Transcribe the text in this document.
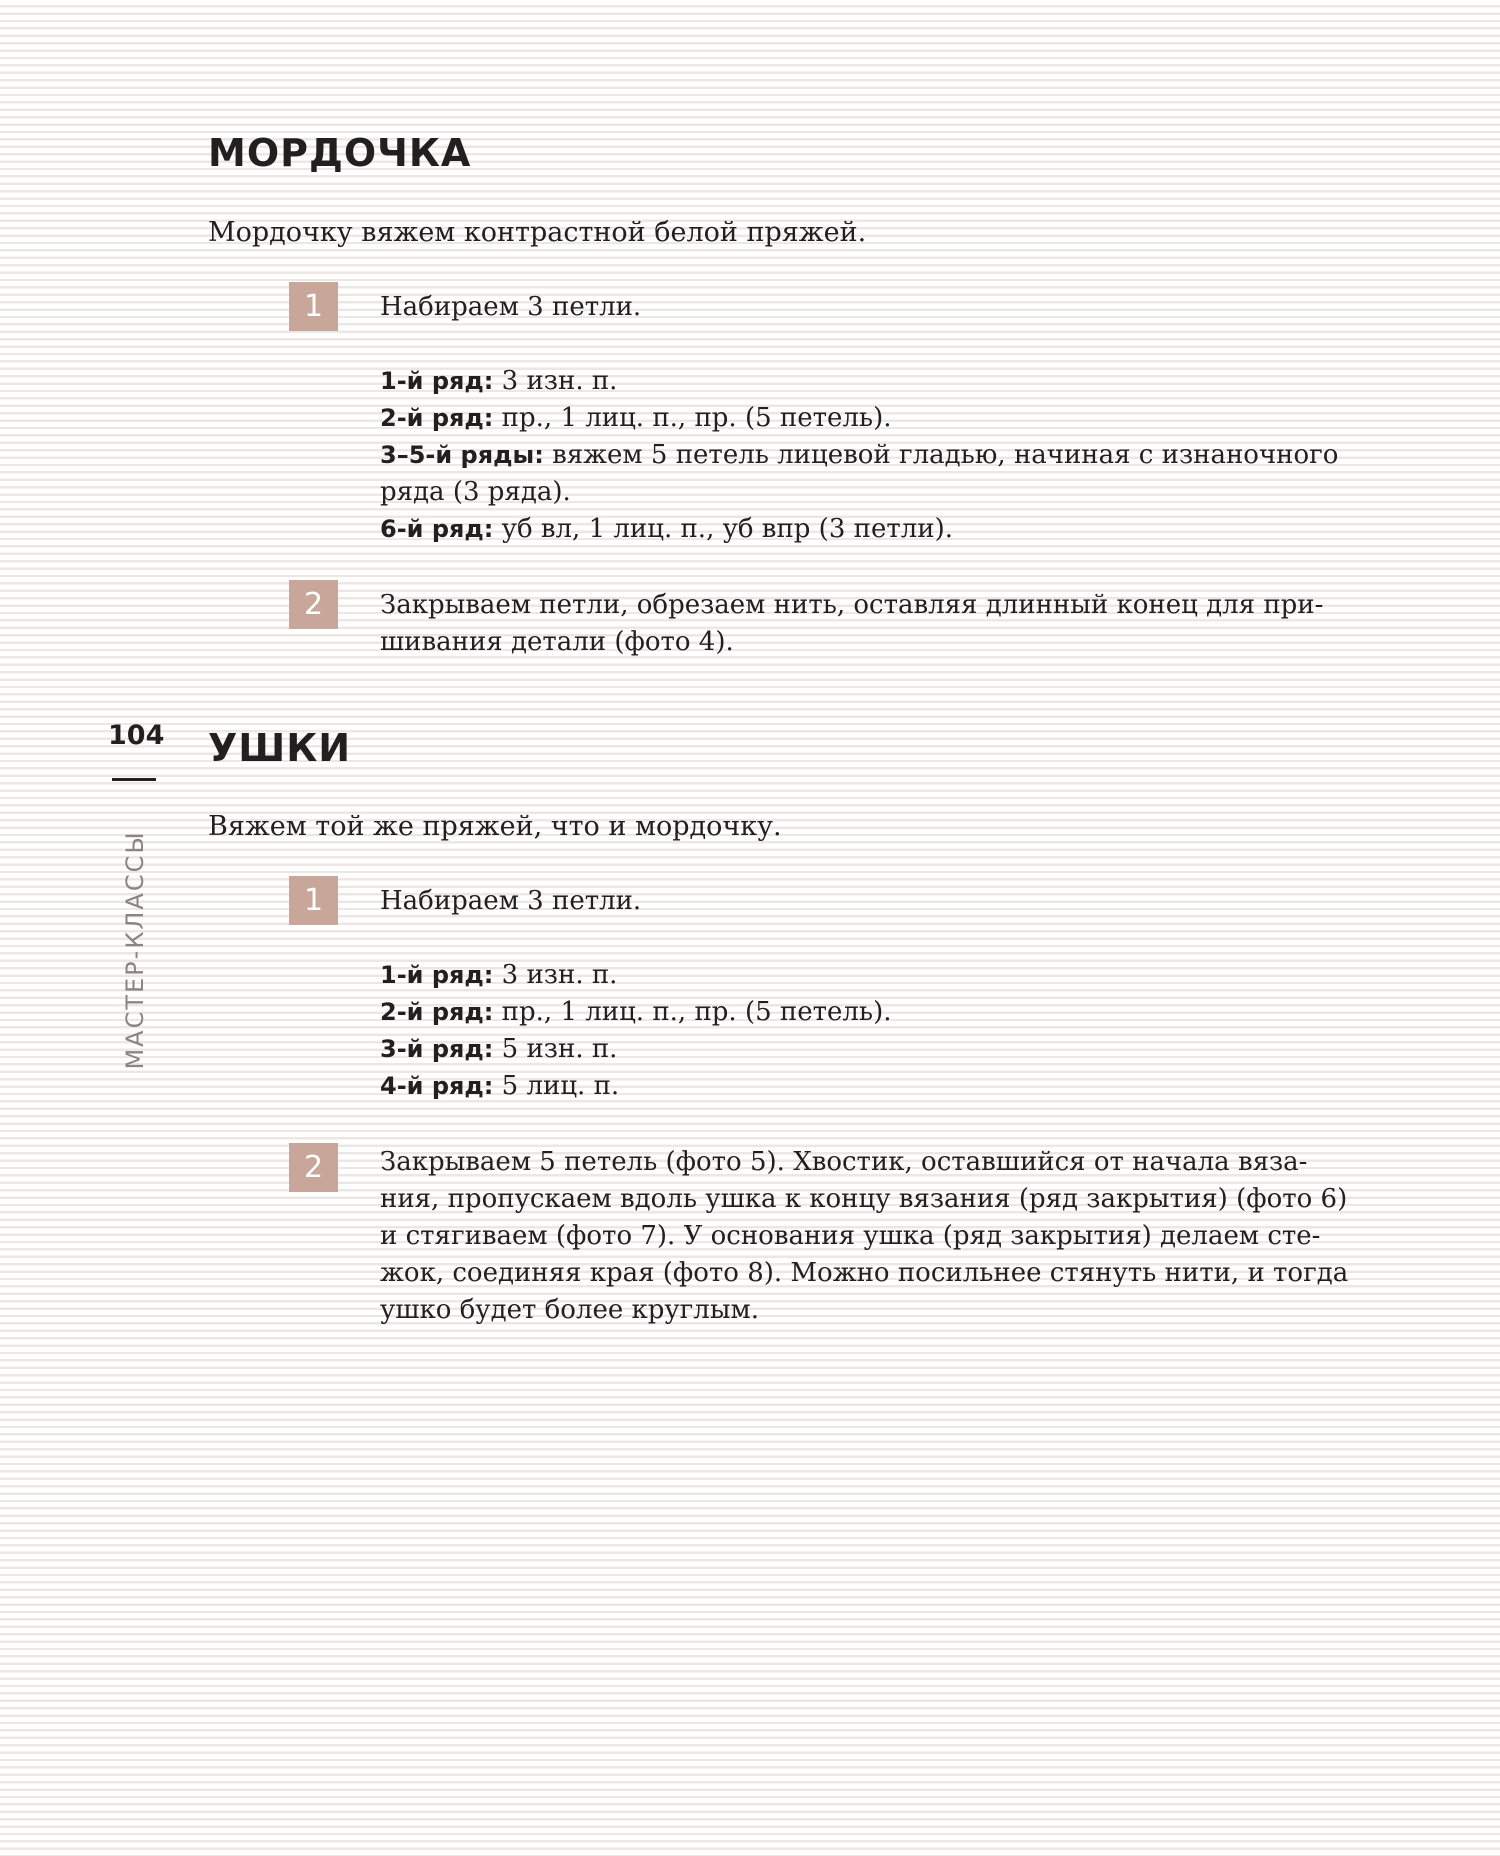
104
МАСТЕР-КЛАССЫ
МОРДОЧКА

Мордочку вяжем контрастной белой пряжей.

1	Набираем 3 петли.
1-й ряд: 3 изн. п.
2-й ряд: пр., 1 лиц. п., пр. (5 петель).
3–5-й ряды: вяжем 5 петель лицевой гладью, начиная с изнаночного
ряда (3 ряда).
6-й ряд: уб вл, 1 лиц. п., уб впр (3 петли).
2	Закрываем петли, обрезаем нить, оставляя длинный конец для при-
шивания детали (фото 4).
УШКИ

Вяжем той же пряжей, что и мордочку.

1	Набираем 3 петли.
1-й ряд: 3 изн. п.
2-й ряд: пр., 1 лиц. п., пр. (5 петель).
3-й ряд: 5 изн. п.
4-й ряд: 5 лиц. п.
2	Закрываем 5 петель (фото 5). Хвостик, оставшийся от начала вяза-
ния, пропускаем вдоль ушка к концу вязания (ряд закрытия) (фото 6)
и стягиваем (фото 7). У основания ушка (ряд закрытия) делаем сте-
жок, соединяя края (фото 8). Можно посильнее стянуть нити, и тогда
ушко будет более круглым.
